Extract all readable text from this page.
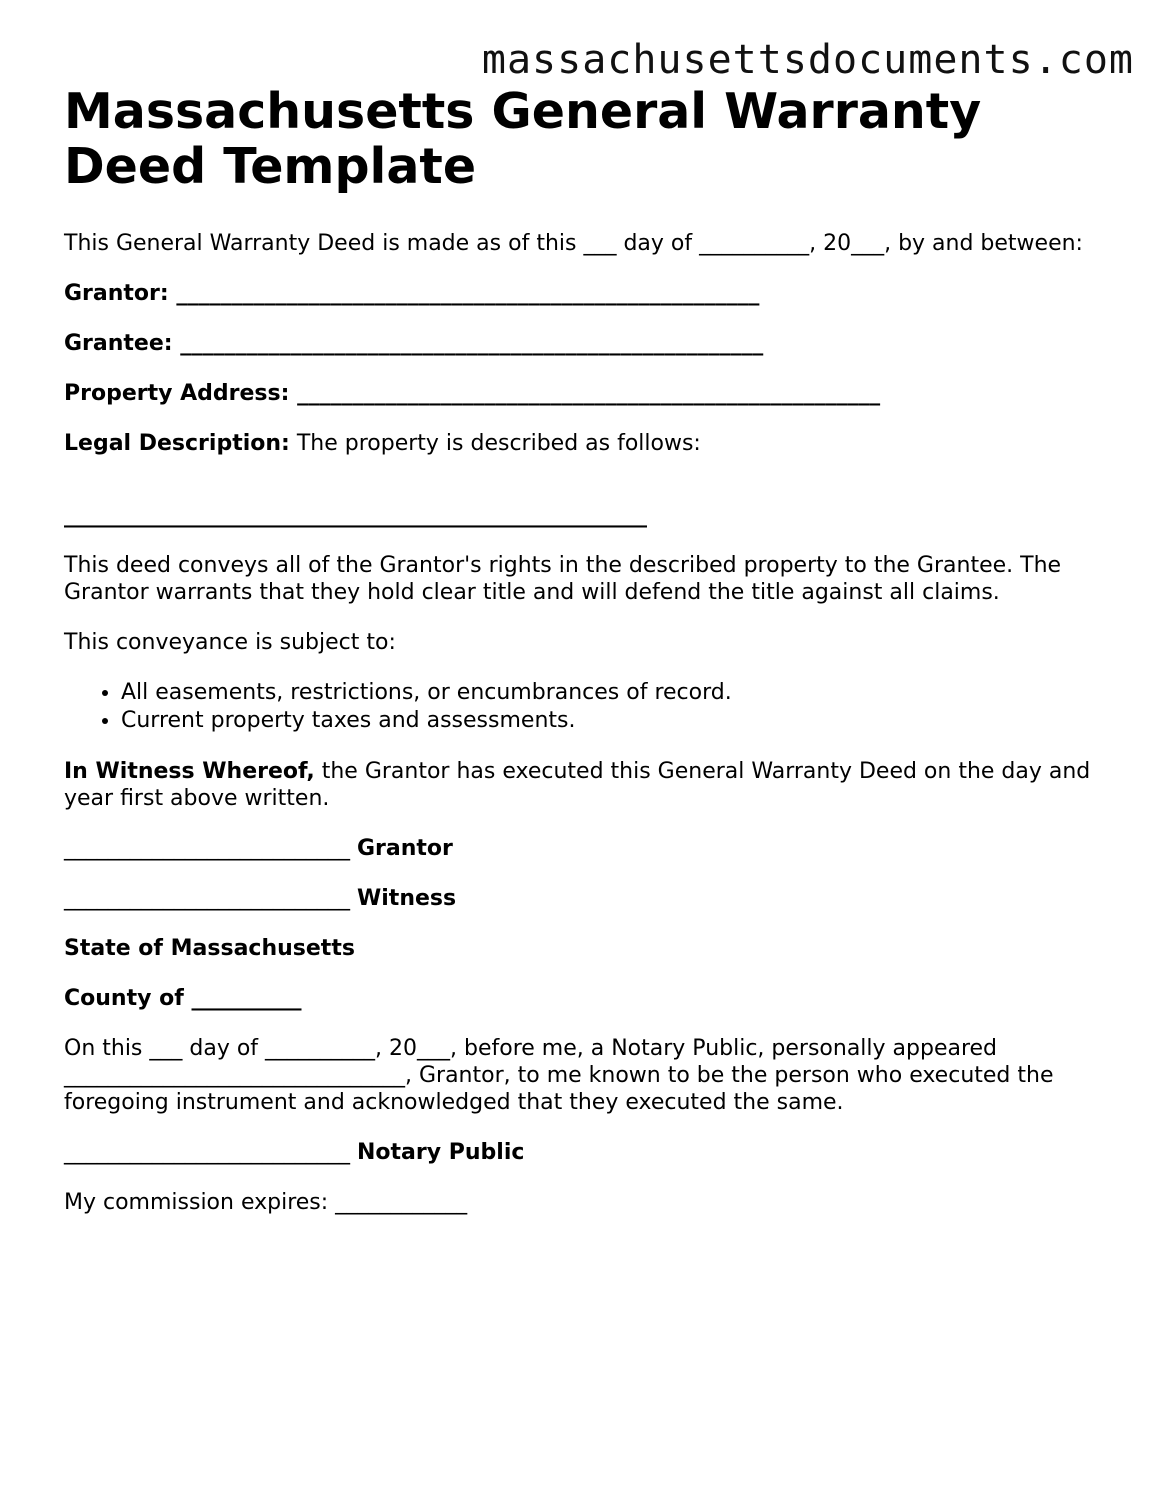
massachusettsdocuments.com
Massachusetts General Warranty Deed Template

This General Warranty Deed is made as of this ___ day of __________, 20___, by and between:

Grantor: _____________________________________________________

Grantee: _____________________________________________________

Property Address: _____________________________________________________

Legal Description: The property is described as follows:

_____________________________________________________

This deed conveys all of the Grantor's rights in the described property to the Grantee. The Grantor warrants that they hold clear title and will defend the title against all claims.

This conveyance is subject to:

• All easements, restrictions, or encumbrances of record.
• Current property taxes and assessments.

In Witness Whereof, the Grantor has executed this General Warranty Deed on the day and year first above written.

__________________________ Grantor

__________________________ Witness

State of Massachusetts

County of __________

On this ___ day of __________, 20___, before me, a Notary Public, personally appeared _______________________________, Grantor, to me known to be the person who executed the foregoing instrument and acknowledged that they executed the same.

__________________________ Notary Public

My commission expires: ____________
